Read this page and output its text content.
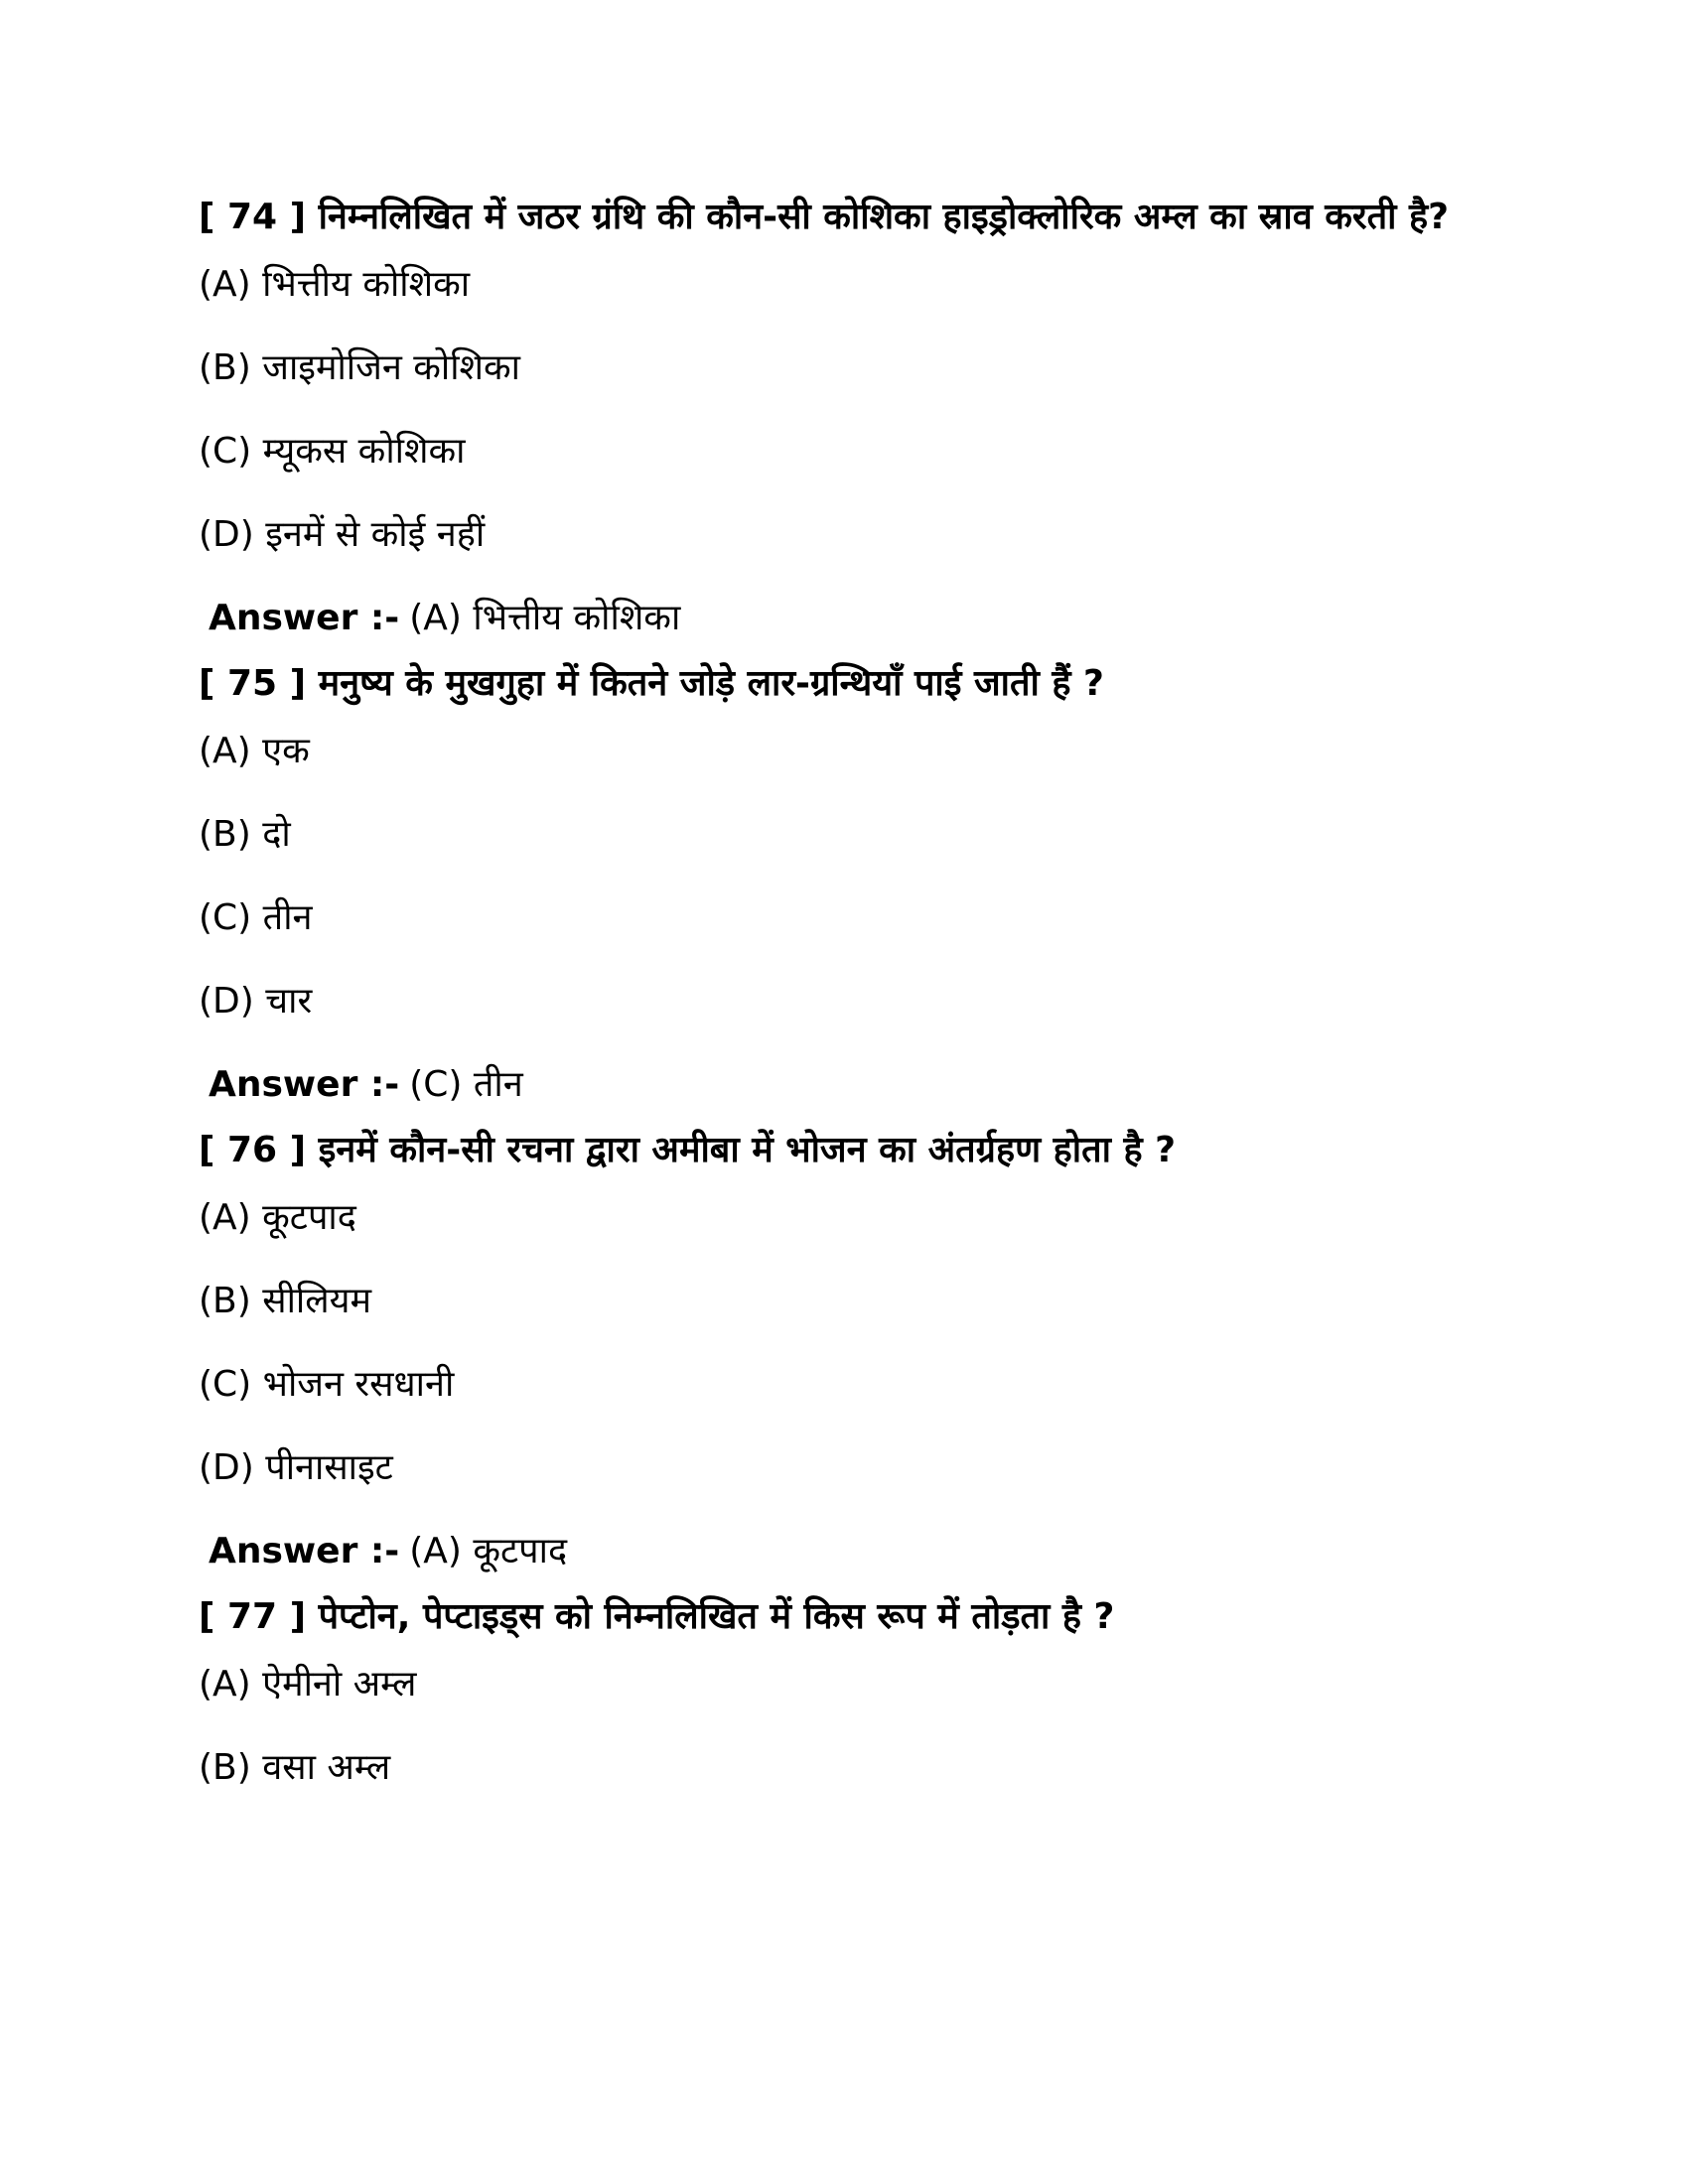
[ 74 ] निम्नलिखित में जठर ग्रंथि की कौन-सी कोशिका हाइड्रोक्लोरिक अम्ल का स्राव करती है?

(A) भित्तीय कोशिका
(B) जाइमोजिन कोशिका
(C) म्यूकस कोशिका
(D) इनमें से कोई नहीं
Answer :- (A) भित्तीय कोशिका

[ 75 ] मनुष्य के मुखगुहा में कितने जोड़े लार-ग्रन्थियाँ पाई जाती हैं ?

(A) एक
(B) दो
(C) तीन
(D) चार
Answer :- (C) तीन

[ 76 ] इनमें कौन-सी रचना द्वारा अमीबा में भोजन का अंतर्ग्रहण होता है ?

(A) कूटपाद
(B) सीलियम
(C) भोजन रसधानी
(D) पीनासाइट
Answer :- (A) कूटपाद

[ 77 ] पेप्टोन, पेप्टाइड्स को निम्नलिखित में किस रूप में तोड़ता है ?

(A) ऐमीनो अम्ल
(B) वसा अम्ल
